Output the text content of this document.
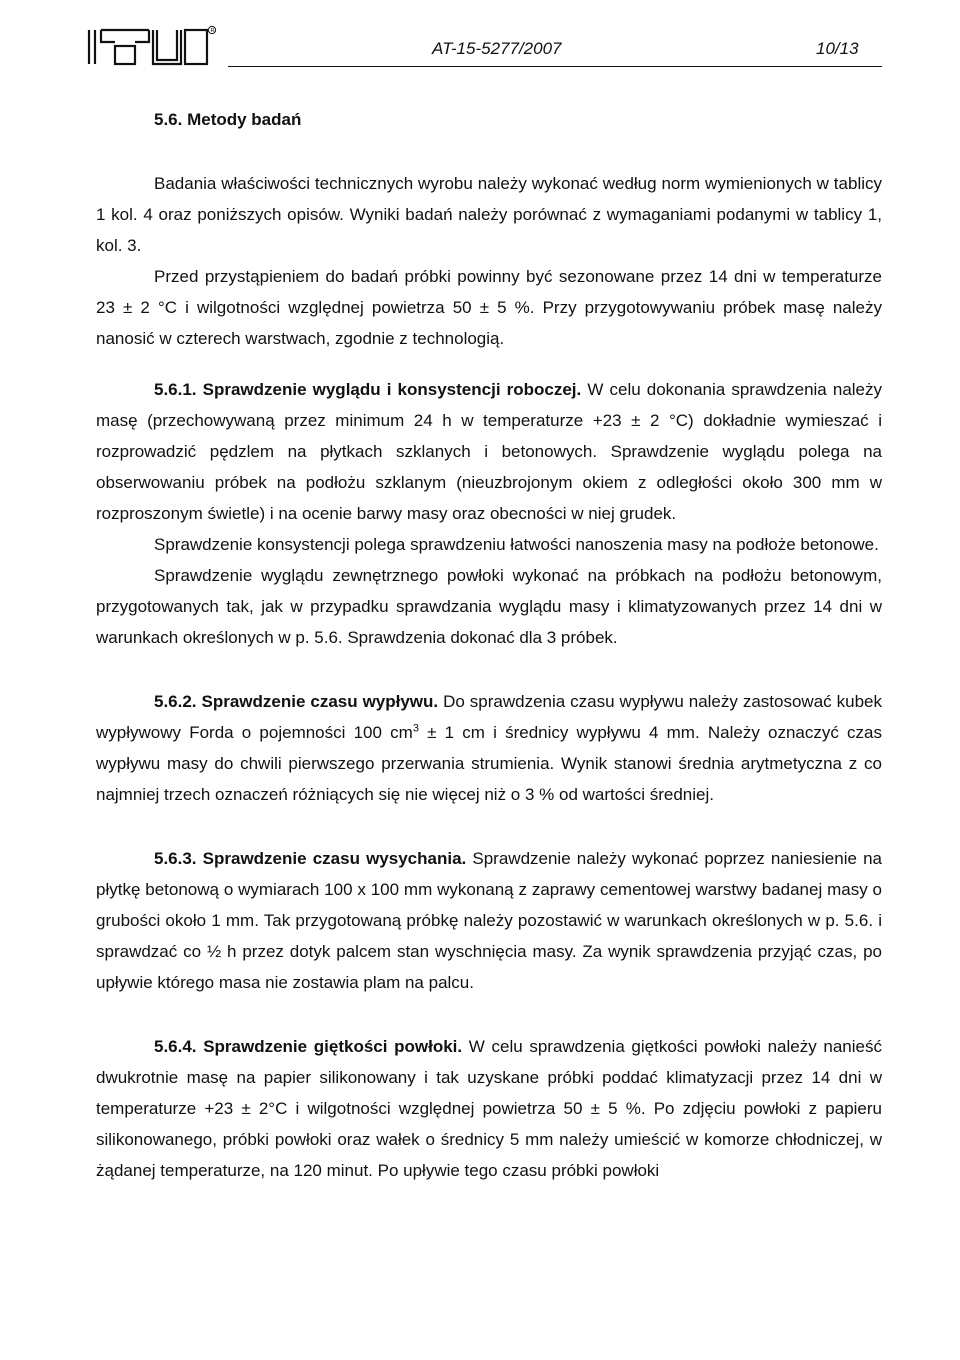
R
AT-15-5277/2007	10/13

5.6. Metody badań

Badania właściwości technicznych wyrobu należy wykonać według norm wymienionych w tablicy 1 kol. 4 oraz poniższych opisów. Wyniki badań należy porównać z wymaganiami podanymi w tablicy 1, kol. 3.

Przed przystąpieniem do badań próbki powinny być sezonowane przez 14 dni w temperaturze 23 ± 2 °C i wilgotności względnej powietrza 50 ± 5 %. Przy przygotowywaniu próbek masę należy nanosić w czterech warstwach, zgodnie z technologią.

5.6.1. Sprawdzenie wyglądu i konsystencji roboczej. W celu dokonania sprawdzenia należy masę (przechowywaną przez minimum 24 h w temperaturze +23 ± 2 °C) dokładnie wymieszać i rozprowadzić pędzlem na płytkach szklanych i betonowych. Sprawdzenie wyglądu polega na obserwowaniu próbek na podłożu szklanym (nieuzbrojonym okiem z odległości około 300 mm w rozproszonym świetle) i na ocenie barwy masy oraz obecności w niej grudek.

Sprawdzenie konsystencji polega sprawdzeniu łatwości nanoszenia masy na podłoże betonowe.

Sprawdzenie wyglądu zewnętrznego powłoki wykonać na próbkach na podłożu betonowym, przygotowanych tak, jak w przypadku sprawdzania wyglądu masy i klimatyzowanych przez 14 dni w warunkach określonych w p. 5.6. Sprawdzenia dokonać dla 3 próbek.

5.6.2. Sprawdzenie czasu wypływu. Do sprawdzenia czasu wypływu należy zastosować kubek wypływowy Forda o pojemności 100 $cm^3 \pm 1$ cm i średnicy wypływu 4 mm. Należy oznaczyć czas wypływu masy do chwili pierwszego przerwania strumienia. Wynik stanowi średnia arytmetyczna z co najmniej trzech oznaczeń różniących się nie więcej niż o 3 % od wartości średniej.

5.6.3. Sprawdzenie czasu wysychania. Sprawdzenie należy wykonać poprzez naniesienie na płytkę betonową o wymiarach 100 x 100 mm wykonaną z zaprawy cementowej warstwy badanej masy o grubości około 1 mm. Tak przygotowaną próbkę należy pozostawić w warunkach określonych w p. 5.6. i sprawdzać co ½ h przez dotyk palcem stan wyschnięcia masy. Za wynik sprawdzenia przyjąć czas, po upływie którego masa nie zostawia plam na palcu.

5.6.4. Sprawdzenie giętkości powłoki. W celu sprawdzenia giętkości powłoki należy nanieść dwukrotnie masę na papier silikonowany i tak uzyskane próbki poddać klimatyzacji przez 14 dni w temperaturze +23 ± 2°C i wilgotności względnej powietrza 50 ± 5 %. Po zdjęciu powłoki z papieru silikonowanego, próbki powłoki oraz wałek o średnicy 5 mm należy umieścić w komorze chłodniczej, w żądanej temperaturze, na 120 minut. Po upływie tego czasu próbki powłoki
